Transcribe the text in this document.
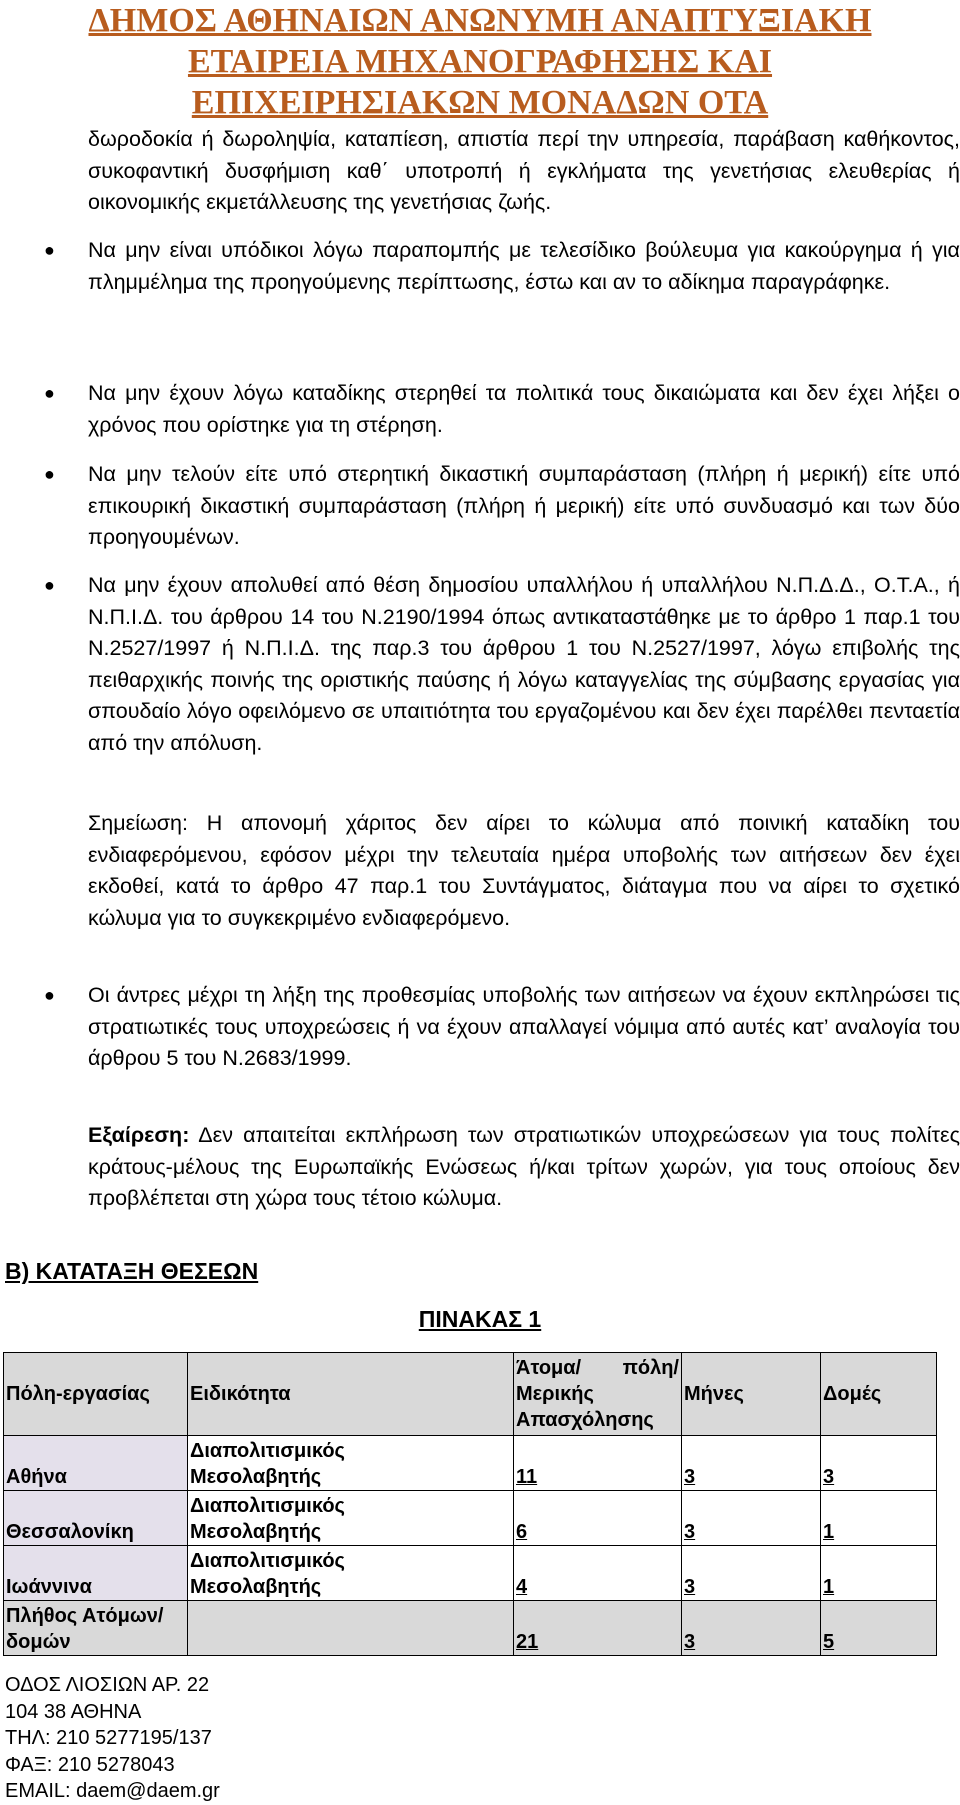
ΔΗΜΟΣ ΑΘΗΝΑΙΩΝ ΑΝΩΝΥΜΗ ΑΝΑΠΤΥΞΙΑΚΗ
ΕΤΑΙΡΕΙΑ ΜΗΧΑΝΟΓΡΑΦΗΣΗΣ ΚΑΙ
ΕΠΙΧΕΙΡΗΣΙΑΚΩΝ ΜΟΝΑΔΩΝ ΟΤΑ
δωροδοκία ή δωροληψία, καταπίεση, απιστία περί την υπηρεσία, παράβαση καθήκοντος, συκοφαντική δυσφήμιση καθ΄ υποτροπή ή εγκλήματα της γενετήσιας ελευθερίας ή οικονομικής εκμετάλλευσης της γενετήσιας ζωής.
● Να μην είναι υπόδικοι λόγω παραπομπής με τελεσίδικο βούλευμα για κακούργημα ή για πλημμέλημα της προηγούμενης περίπτωσης, έστω και αν το αδίκημα παραγράφηκε.
● Να μην έχουν λόγω καταδίκης στερηθεί τα πολιτικά τους δικαιώματα και δεν έχει λήξει ο χρόνος που ορίστηκε για τη στέρηση.
● Να μην τελούν είτε υπό στερητική δικαστική συμπαράσταση (πλήρη ή μερική) είτε υπό επικουρική δικαστική συμπαράσταση (πλήρη ή μερική) είτε υπό συνδυασμό και των δύο προηγουμένων.
● Να μην έχουν απολυθεί από θέση δημοσίου υπαλλήλου ή υπαλλήλου Ν.Π.Δ.Δ., Ο.Τ.Α., ή Ν.Π.Ι.Δ. του άρθρου 14 του Ν.2190/1994 όπως αντικαταστάθηκε με το άρθρο 1 παρ.1 του Ν.2527/1997 ή Ν.Π.Ι.Δ. της παρ.3 του άρθρου 1 του Ν.2527/1997, λόγω επιβολής της πειθαρχικής ποινής της οριστικής παύσης ή λόγω καταγγελίας της σύμβασης εργασίας για σπουδαίο λόγο οφειλόμενο σε υπαιτιότητα του εργαζομένου και δεν έχει παρέλθει πενταετία από την απόλυση.
Σημείωση: Η απονομή χάριτος δεν αίρει το κώλυμα από ποινική καταδίκη του ενδιαφερόμενου, εφόσον μέχρι την τελευταία ημέρα υποβολής των αιτήσεων δεν έχει εκδοθεί, κατά το άρθρο 47 παρ.1 του Συντάγματος, διάταγμα που να αίρει το σχετικό κώλυμα για το συγκεκριμένο ενδιαφερόμενο.
● Οι άντρες μέχρι τη λήξη της προθεσμίας υποβολής των αιτήσεων να έχουν εκπληρώσει τις στρατιωτικές τους υποχρεώσεις ή να έχουν απαλλαγεί νόμιμα από αυτές κατ’ αναλογία του άρθρου 5 του Ν.2683/1999.
Εξαίρεση: Δεν απαιτείται εκπλήρωση των στρατιωτικών υποχρεώσεων για τους πολίτες κράτους-μέλους της Ευρωπαϊκής Ενώσεως ή/και τρίτων χωρών, για τους οποίους δεν προβλέπεται στη χώρα τους τέτοιο κώλυμα.
Β) ΚΑΤΑΤΑΞΗ ΘΕΣΕΩΝ
ΠΙΝΑΚΑΣ 1
Πόλη-εργασίας	Ειδικότητα	Άτομα/ πόλη/ Μερικής Απασχόλησης	Μήνες	Δομές
Αθήνα	Διαπολιτισμικός Μεσολαβητής	11	3	3
Θεσσαλονίκη	Διαπολιτισμικός Μεσολαβητής	6	3	1
Ιωάννινα	Διαπολιτισμικός Μεσολαβητής	4	3	1

Πλήθος Ατόμων/δομών		21	3	5
ΟΔΟΣ ΛΙΟΣΙΩΝ ΑΡ. 22
104 38 ΑΘΗΝΑ
ΤΗΛ: 210 5277195/137
ΦΑΞ: 210 5278043
EMAIL: daem@daem.gr
